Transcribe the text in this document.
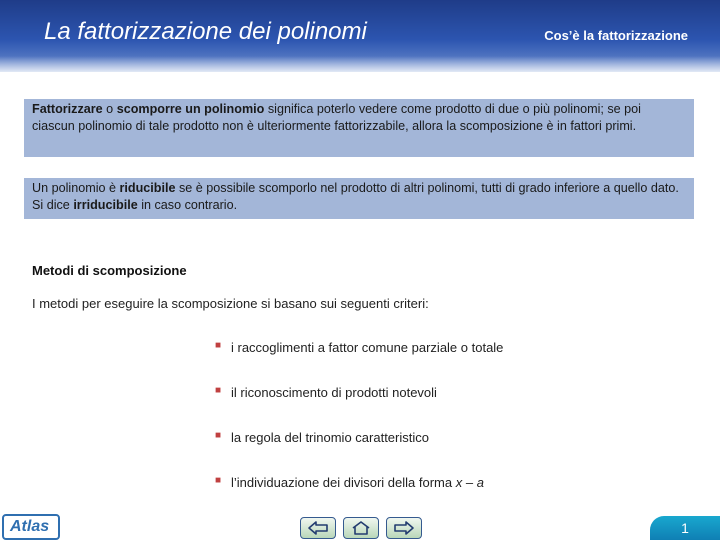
La fattorizzazione dei polinomi	Cos’è la fattorizzazione
Fattorizzare o scomporre un polinomio significa poterlo vedere come prodotto di due o più polinomi; se poi ciascun polinomio di tale prodotto non è ulteriormente fattorizzabile, allora la scomposizione è in fattori primi.
Un polinomio è riducibile se è possibile scomporlo nel prodotto di altri polinomi, tutti di grado inferiore a quello dato. Si dice irriducibile in caso contrario.
Metodi di scomposizione
I metodi per eseguire la scomposizione si basano sui seguenti criteri:
■ i raccoglimenti a fattor comune parziale o totale
■ il riconoscimento di prodotti notevoli
■ la regola del trinomio caratteristico
■ l’individuazione dei divisori della forma x – a
Atlas	1
